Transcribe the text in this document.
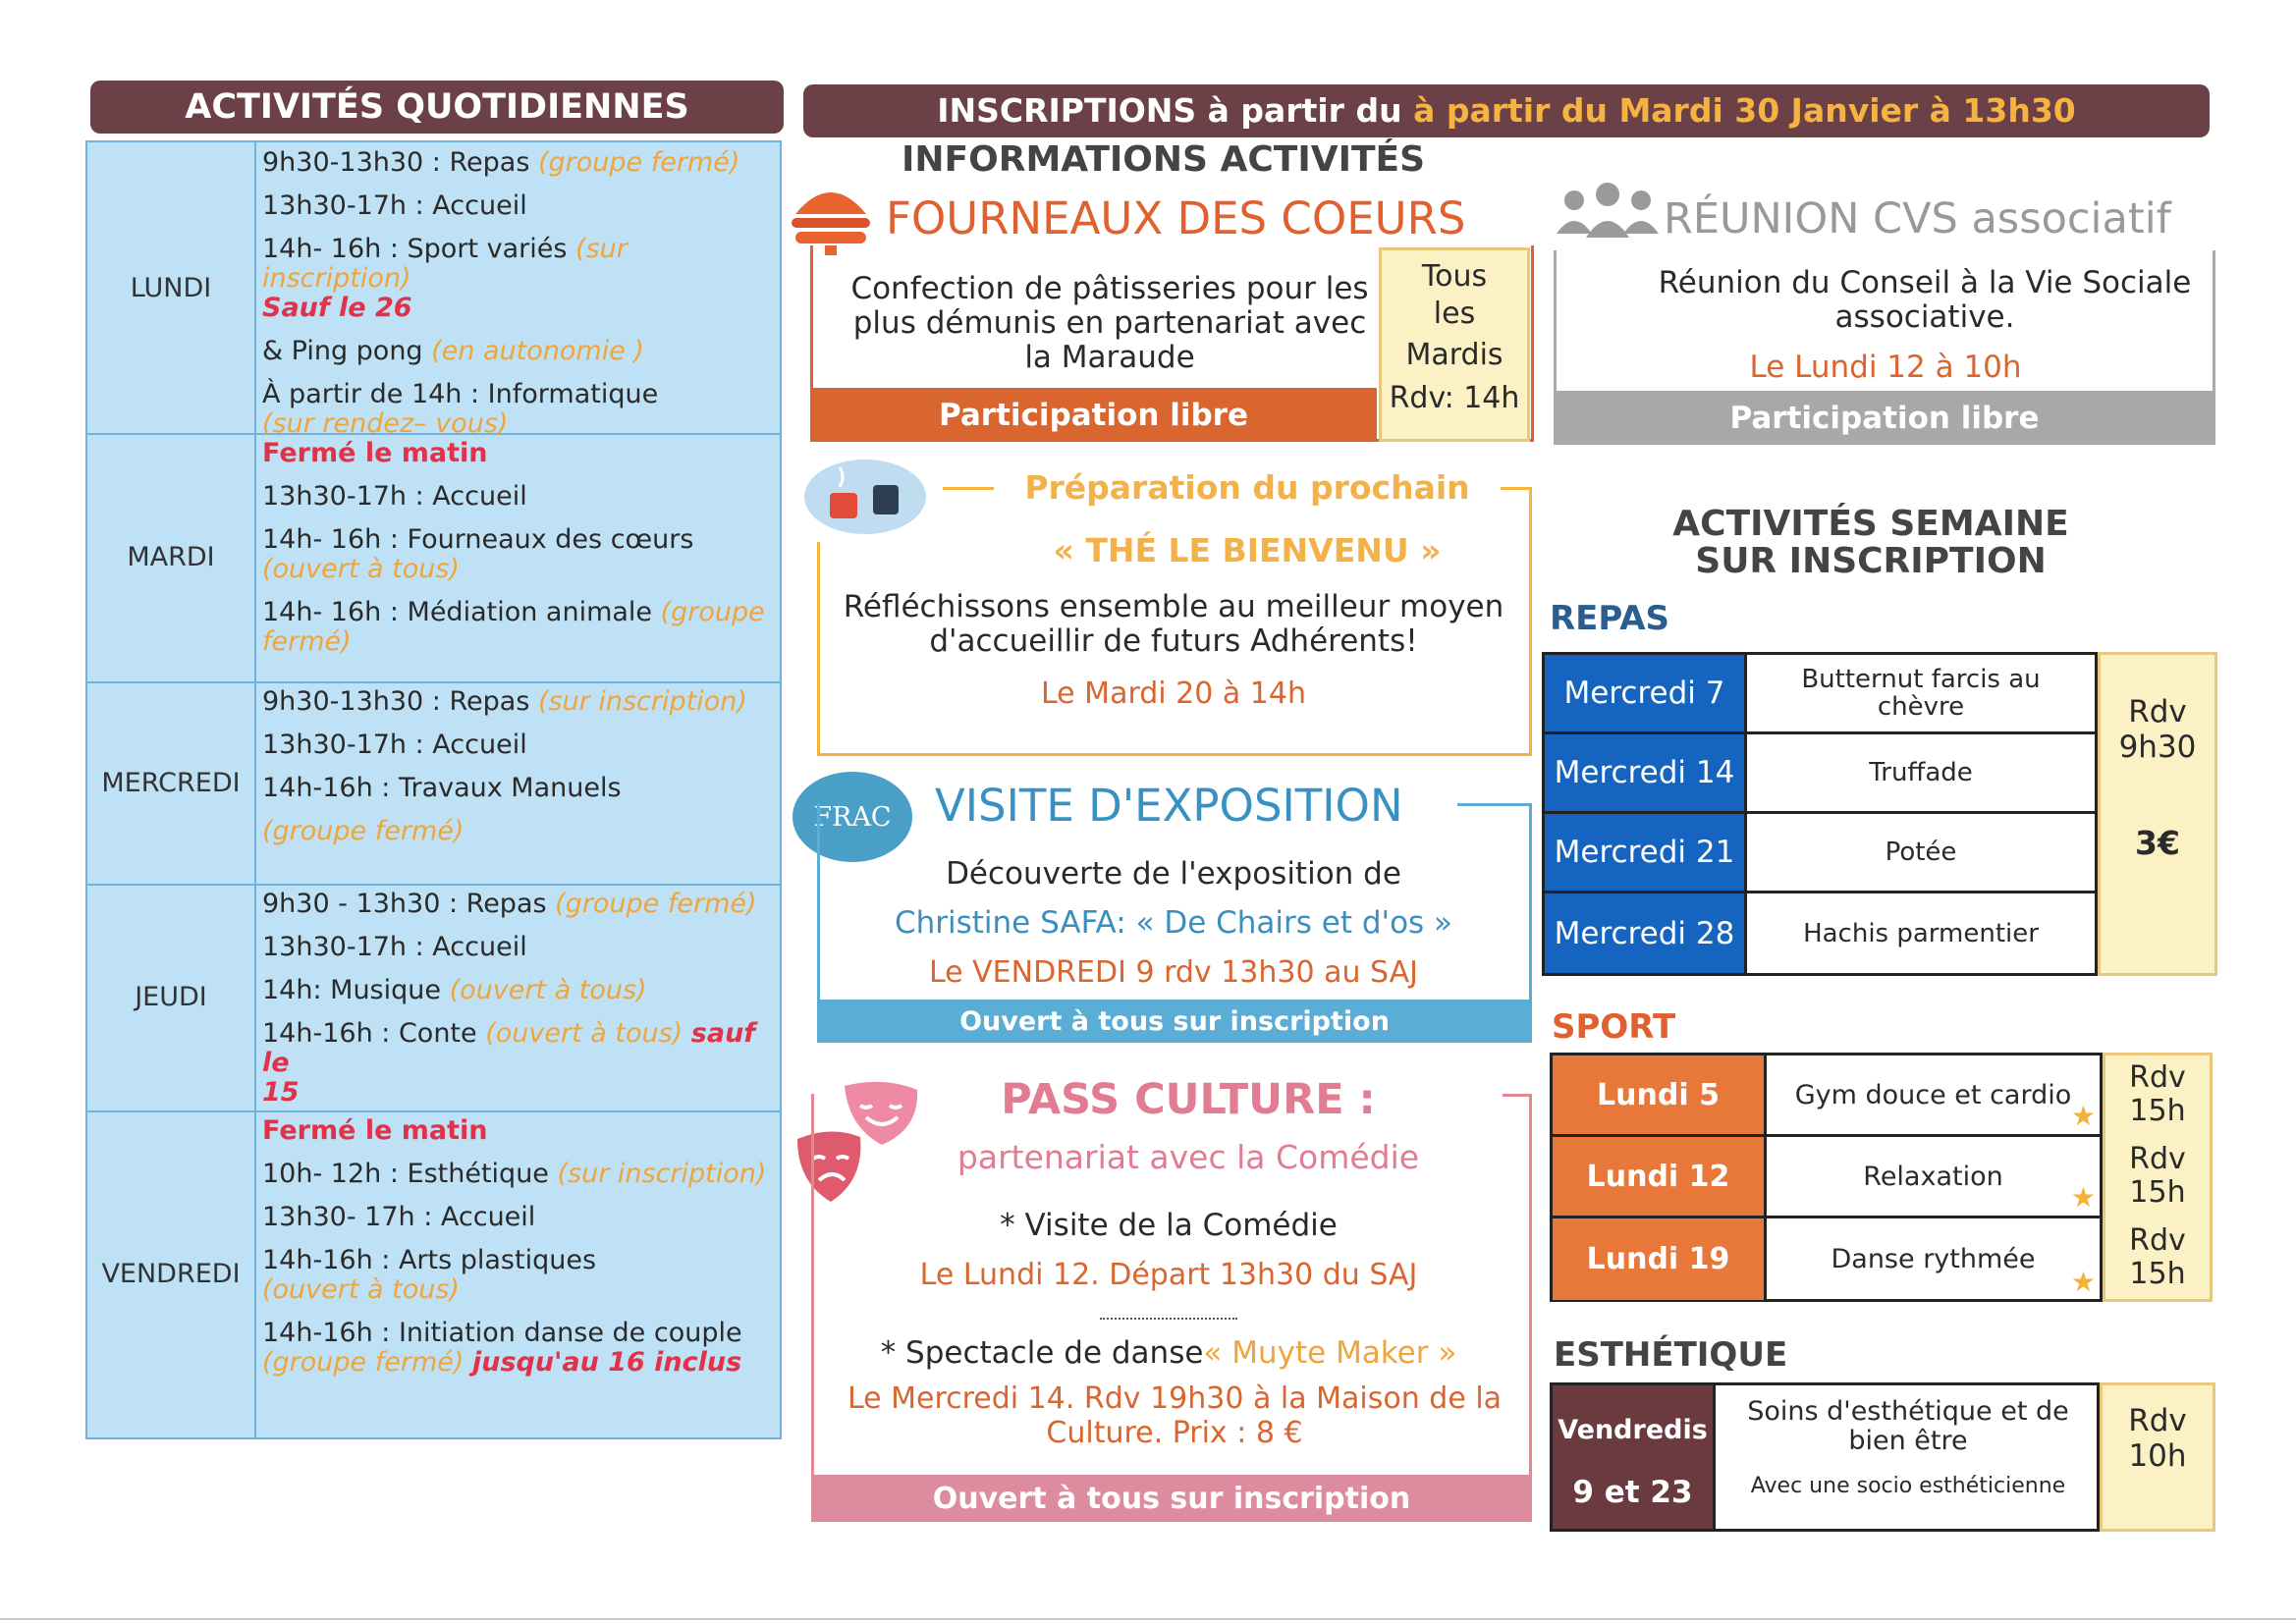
ACTIVITÉS QUOTIDIENNES
LUNDI
9h30-13h30 : Repas (groupe fermé)
13h30-17h : Accueil
14h- 16h : Sport variés (sur inscription)
Sauf le 26
& Ping pong (en autonomie )
À partir de 14h : Informatique
(sur rendez– vous)
MARDI
Fermé le matin
13h30-17h : Accueil
14h- 16h : Fourneaux des cœurs
(ouvert à tous)
14h- 16h : Médiation animale (groupe
fermé)
MERCREDI
9h30-13h30 : Repas (sur inscription)
13h30-17h : Accueil
14h-16h : Travaux Manuels
(groupe fermé)
JEUDI
9h30 - 13h30 : Repas (groupe fermé)
13h30-17h : Accueil
14h: Musique (ouvert à tous)
14h-16h : Conte (ouvert à tous) sauf le
15
VENDREDI
Fermé le matin
10h- 12h : Esthétique (sur inscription)
13h30- 17h : Accueil
14h-16h : Arts plastiques
(ouvert à tous)
14h-16h : Initiation danse de couple
(groupe fermé) jusqu'au 16 inclus
INSCRIPTIONS à partir du à partir du Mardi 30 Janvier à 13h30
INFORMATIONS ACTIVITÉS
FOURNEAUX DES COEURS
Confection de pâtisseries pour les plus démunis en partenariat avec la Maraude
Participation libre
Tous les
Mardis
Rdv: 14h
RÉUNION CVS associatif
Réunion du Conseil à la Vie Sociale associative.
Le Lundi 12 à 10h
Participation libre
Préparation du prochain
« THÉ LE BIENVENU »
Réfléchissons ensemble au meilleur moyen d'accueillir de futurs Adhérents!
Le Mardi 20 à 14h
FRAC VISITE D'EXPOSITION
Découverte de l'exposition de
Christine SAFA: « De Chairs et d'os »
Le VENDREDI 9 rdv 13h30 au SAJ
Ouvert à tous sur inscription
PASS CULTURE :
partenariat avec la Comédie
* Visite de la Comédie
Le Lundi 12. Départ 13h30 du SAJ
* Spectacle de danse « Muyte Maker »
Le Mercredi 14. Rdv 19h30 à la Maison de la Culture. Prix : 8 €
Ouvert à tous sur inscription
ACTIVITÉS SEMAINE
SUR INSCRIPTION
REPAS
Mercredi 7	Butternut farcis au chèvre
Mercredi 14	Truffade
Mercredi 21	Potée
Mercredi 28	Hachis parmentier
Rdv 9h30
3€
SPORT
Lundi 5	Gym douce et cardio
★
Lundi 12	Relaxation
★
Lundi 19	Danse rythmée
★
Rdv 15h
Rdv 15h
Rdv 15h
ESTHÉTIQUE
Vendredis
9 et 23
Soins d'esthétique et de bien être
Avec une socio esthéticienne
Rdv 10h
